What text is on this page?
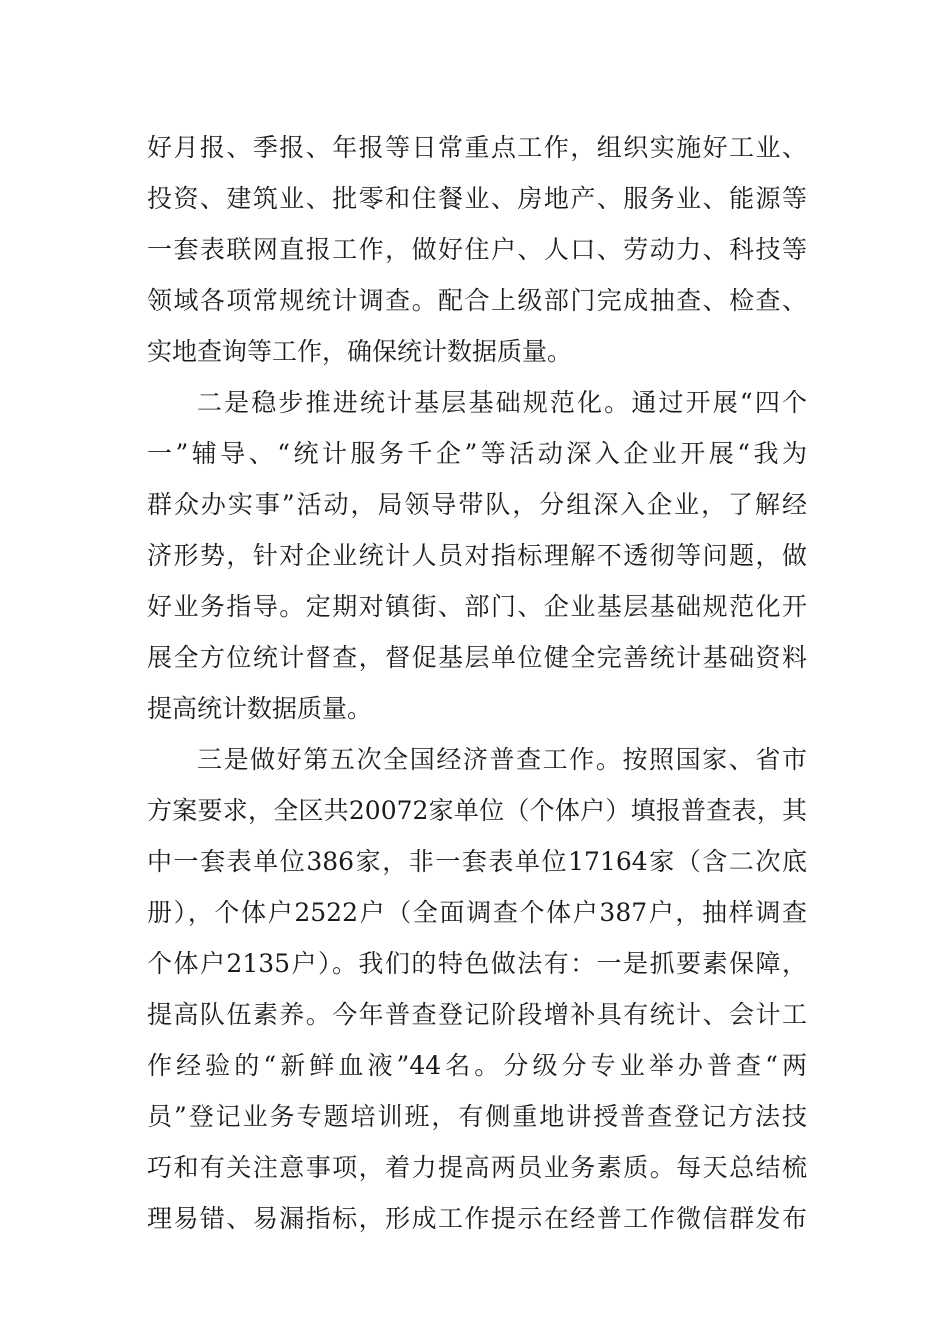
好月报、季报、年报等日常重点工作，组织实施好工业、
投资、建筑业、批零和住餐业、房地产、服务业、能源等
一套表联网直报工作，做好住户、人口、劳动力、科技等
领域各项常规统计调查。配合上级部门完成抽查、检查、
实地查询等工作，确保统计数据质量。
二是稳步推进统计基层基础规范化。通过开展“四个
一”辅导、“统计服务千企”等活动深入企业开展“我为
群众办实事”活动，局领导带队，分组深入企业，了解经
济形势，针对企业统计人员对指标理解不透彻等问题，做
好业务指导。定期对镇街、部门、企业基层基础规范化开
展全方位统计督查，督促基层单位健全完善统计基础资料
提高统计数据质量。
三是做好第五次全国经济普查工作。按照国家、省市
方案要求，全区共20072家单位（个体户）填报普查表，其
中一套表单位386家，非一套表单位17164家（含二次底
册），个体户2522户（全面调查个体户387户，抽样调查
个体户2135户）。我们的特色做法有：一是抓要素保障，
提高队伍素养。今年普查登记阶段增补具有统计、会计工
作经验的“新鲜血液”44名。分级分专业举办普查“两
员”登记业务专题培训班，有侧重地讲授普查登记方法技
巧和有关注意事项，着力提高两员业务素质。每天总结梳
理易错、易漏指标，形成工作提示在经普工作微信群发布
